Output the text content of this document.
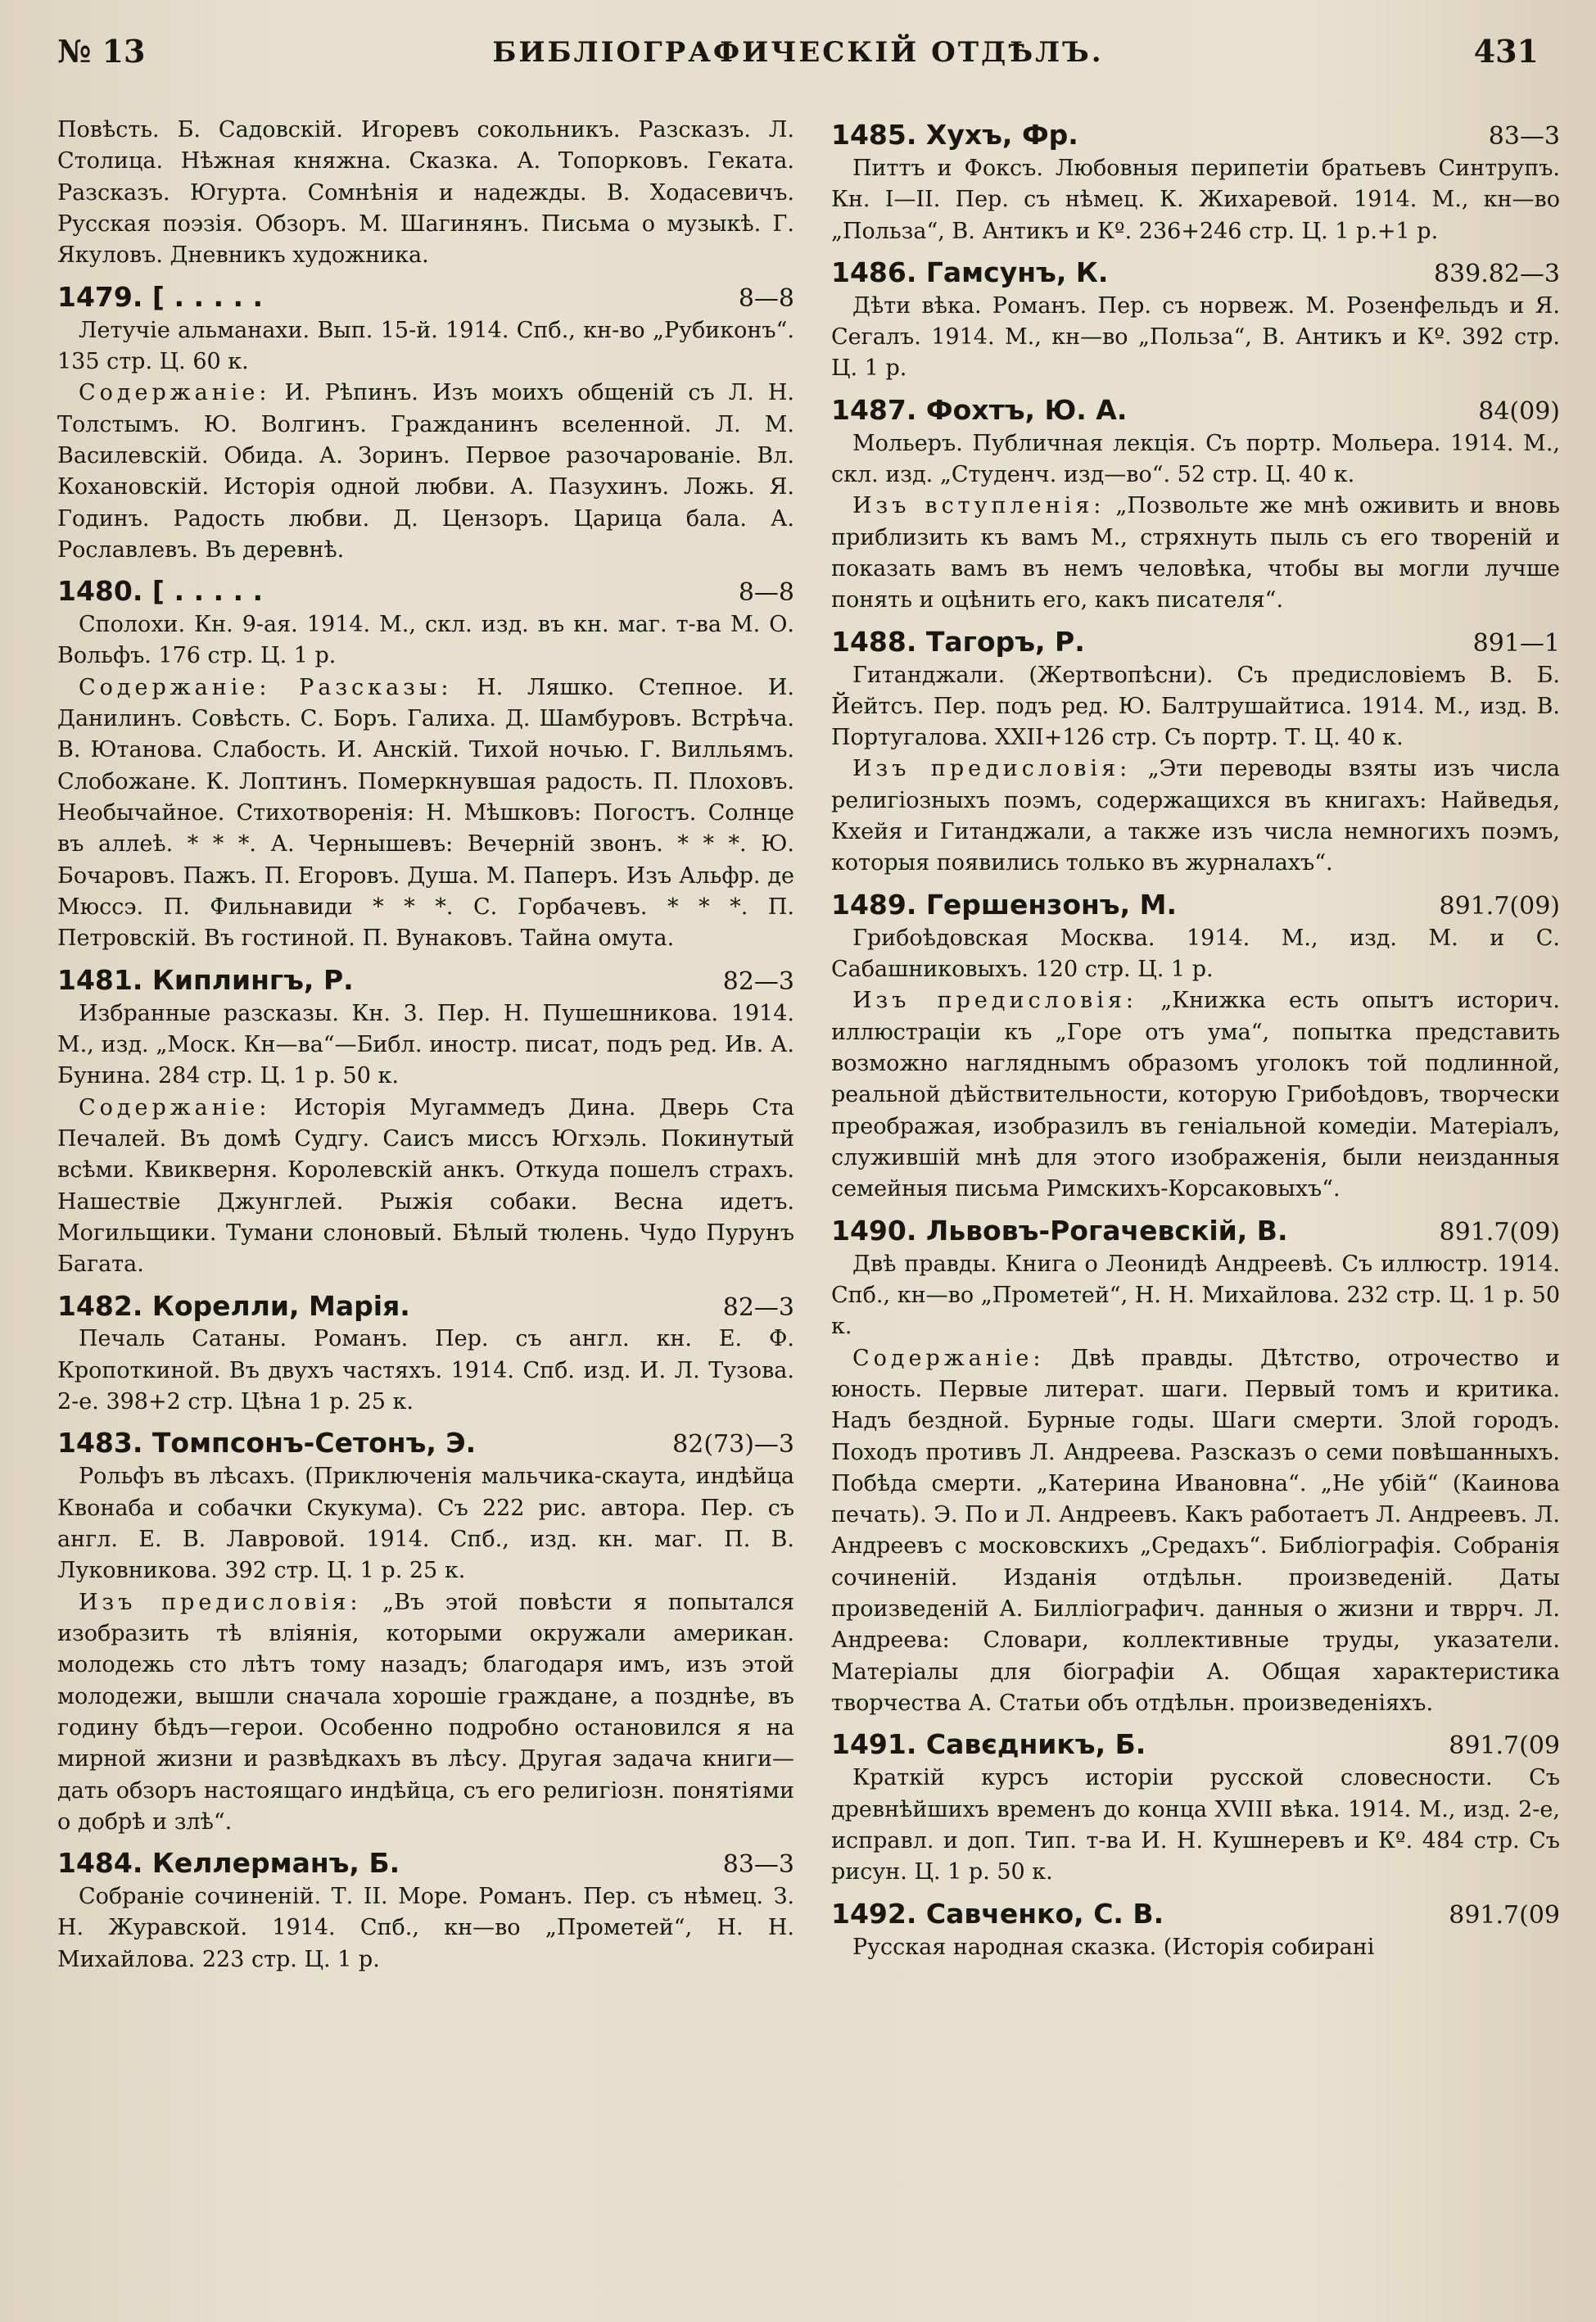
№ 13	БИБЛІОГРАФИЧЕСКІЙ ОТДѢЛЪ.	431

Повѣсть. Б. Садовскій. Игоревъ сокольникъ. Разсказъ. Л. Столица. Нѣжная княжна. Сказка. А. Топорковъ. Геката. Разсказъ. Югурта. Сомнѣнія и надежды. В. Ходасевичъ. Русская поэзія. Обзоръ. М. Шагинянъ. Письма о музыкѣ. Г. Якуловъ. Дневникъ художника.

1479. [ . . . . .	8—8

Летучіе альманахи. Вып. 15-й. 1914. Спб., кн-во „Рубиконъ“. 135 стр. Ц. 60 к.

Содержаніе: И. Рѣпинъ. Изъ моихъ общеній съ Л. Н. Толстымъ. Ю. Волгинъ. Гражданинъ вселенной. Л. М. Василевскій. Обида. А. Зоринъ. Первое разочарованіе. Вл. Кохановскій. Исторія одной любви. А. Пазухинъ. Ложь. Я. Годинъ. Радость любви. Д. Цензоръ. Царица бала. А. Рославлевъ. Въ деревнѣ.

1480. [ . . . . .	8—8

Сполохи. Кн. 9-ая. 1914. М., скл. изд. въ кн. маг. т-ва М. О. Вольфъ. 176 стр. Ц. 1 р.

Содержаніе: Разсказы: Н. Ляшко. Степное. И. Данилинъ. Совѣсть. С. Боръ. Галиха. Д. Шамбуровъ. Встрѣча. В. Ютанова. Слабость. И. Анскій. Тихой ночью. Г. Вилльямъ. Слобожане. К. Лоптинъ. Померкнувшая радость. П. Плоховъ. Необычайное. Стихотворенія: Н. Мѣшковъ: Погостъ. Солнце въ аллеѣ. * * *. А. Чернышевъ: Вечерній звонъ. * * *. Ю. Бочаровъ. Пажъ. П. Егоровъ. Душа. М. Паперъ. Изъ Альфр. де Мюссэ. П. Фильнавиди * * *. С. Горбачевъ. * * *. П. Петровскій. Въ гостиной. П. Вунаковъ. Тайна омута.

1481. Киплингъ, Р.	82—3

Избранные разсказы. Кн. 3. Пер. Н. Пушешникова. 1914. М., изд. „Моск. Кн—ва“—Библ. иностр. писат, подъ ред. Ив. А. Бунина. 284 стр. Ц. 1 р. 50 к.

Содержаніе: Исторія Мугаммедъ Дина. Дверь Ста Печалей. Въ домѣ Судгу. Саисъ миссъ Югхэль. Покинутый всѣми. Квикверня. Королевскій анкъ. Откуда пошелъ страхъ. Нашествіе Джунглей. Рыжія собаки. Весна идетъ. Могильщики. Тумани слоновый. Бѣлый тюлень. Чудо Пурунъ Багата.

1482. Корелли, Марія.	82—3

Печаль Сатаны. Романъ. Пер. съ англ. кн. Е. Ф. Кропоткиной. Въ двухъ частяхъ. 1914. Спб. изд. И. Л. Тузова. 2-е. 398+2 стр. Цѣна 1 р. 25 к.

1483. Томпсонъ-Сетонъ, Э.	82(73)—3

Рольфъ въ лѣсахъ. (Приключенія мальчика-скаута, индѣйца Квонаба и собачки Скукума). Съ 222 рис. автора. Пер. съ англ. Е. В. Лавровой. 1914. Спб., изд. кн. маг. П. В. Луковникова. 392 стр. Ц. 1 р. 25 к.

Изъ предисловія: „Въ этой повѣсти я попытался изобразить тѣ вліянія, которыми окружали американ. молодежь сто лѣтъ тому назадъ; благодаря имъ, изъ этой молодежи, вышли сначала хорошіе граждане, а позднѣе, въ годину бѣдъ—герои. Особенно подробно остановился я на мирной жизни и развѣдкахъ въ лѣсу. Другая задача книги—дать обзоръ настоящаго индѣйца, съ его религіозн. понятіями о добрѣ и злѣ“.

1484. Келлерманъ, Б.	83—3

Собраніе сочиненій. Т. II. Море. Романъ. Пер. съ нѣмец. З. Н. Журавской. 1914. Спб., кн—во „Прометей“, Н. Н. Михайлова. 223 стр. Ц. 1 р.

1485. Хухъ, Фр.	83—3

Питтъ и Фоксъ. Любовныя перипетіи братьевъ Синтрупъ. Кн. I—II. Пер. съ нѣмец. К. Жихаревой. 1914. М., кн—во „Польза“, В. Антикъ и Кº. 236+246 стр. Ц. 1 р.+1 р.

1486. Гамсунъ, К.	839.82—3

Дѣти вѣка. Романъ. Пер. съ норвеж. М. Розенфельдъ и Я. Сегалъ. 1914. М., кн—во „Польза“, В. Антикъ и Кº. 392 стр. Ц. 1 р.

1487. Фохтъ, Ю. А.	84(09)

Мольеръ. Публичная лекція. Съ портр. Мольера. 1914. М., скл. изд. „Студенч. изд—во“. 52 стр. Ц. 40 к.

Изъ вступленія: „Позвольте же мнѣ оживить и вновь приблизить къ вамъ М., стряхнуть пыль съ его твореній и показать вамъ въ немъ человѣка, чтобы вы могли лучше понять и оцѣнить его, какъ писателя“.

1488. Тагоръ, Р.	891—1

Гитанджали. (Жертвопѣсни). Съ предисловіемъ В. Б. Йейтсъ. Пер. подъ ред. Ю. Балтрушайтиса. 1914. М., изд. В. Португалова. XXII+126 стр. Съ портр. Т. Ц. 40 к.

Изъ предисловія: „Эти переводы взяты изъ числа религіозныхъ поэмъ, содержащихся въ книгахъ: Найведья, Кхейя и Гитанджали, а также изъ числа немногихъ поэмъ, которыя появились только въ журналахъ“.

1489. Гершензонъ, М.	891.7(09)

Грибоѣдовская Москва. 1914. М., изд. М. и С. Сабашниковыхъ. 120 стр. Ц. 1 р.

Изъ предисловія: „Книжка есть опытъ историч. иллюстраціи къ „Горе отъ ума“, попытка представить возможно нагляднымъ образомъ уголокъ той подлинной, реальной дѣйствительности, которую Грибоѣдовъ, творчески преображая, изобразилъ въ геніальной комедіи. Матеріалъ, служившій мнѣ для этого изображенія, были неизданныя семейныя письма Римскихъ-Корсаковыхъ“.

1490. Львовъ-Рогачевскій, В.	891.7(09)

Двѣ правды. Книга о Леонидѣ Андреевѣ. Съ иллюстр. 1914. Спб., кн—во „Прометей“, Н. Н. Михайлова. 232 стр. Ц. 1 р. 50 к.

Содержаніе: Двѣ правды. Дѣтство, отрочество и юность. Первые литерат. шаги. Первый томъ и критика. Надъ бездной. Бурные годы. Шаги смерти. Злой городъ. Походъ противъ Л. Андреева. Разсказъ о семи повѣшанныхъ. Побѣда смерти. „Катерина Ивановна“. „Не убій“ (Каинова печать). Э. По и Л. Андреевъ. Какъ работаетъ Л. Андреевъ. Л. Андреевъ с московскихъ „Средахъ“. Библіографія. Собранія сочиненій. Изданія отдѣльн. произведеній. Даты произведеній А. Билліографич. данныя о жизни и твррч. Л. Андреева: Словари, коллективные труды, указатели. Матеріалы для біографіи А. Общая характеристика творчества А. Статьи объ отдѣльн. произведеніяхъ.

1491. Савєдникъ, Б.	891.7(09

Краткій курсъ исторіи русской словесности. Съ древнѣйшихъ временъ до конца XVIII вѣка. 1914. М., изд. 2-е, исправл. и доп. Тип. т-ва И. Н. Кушнеревъ и Кº. 484 стр. Съ рисун. Ц. 1 р. 50 к.

1492. Савченко, С. В.	891.7(09

Русская народная сказка. (Исторія собирані
